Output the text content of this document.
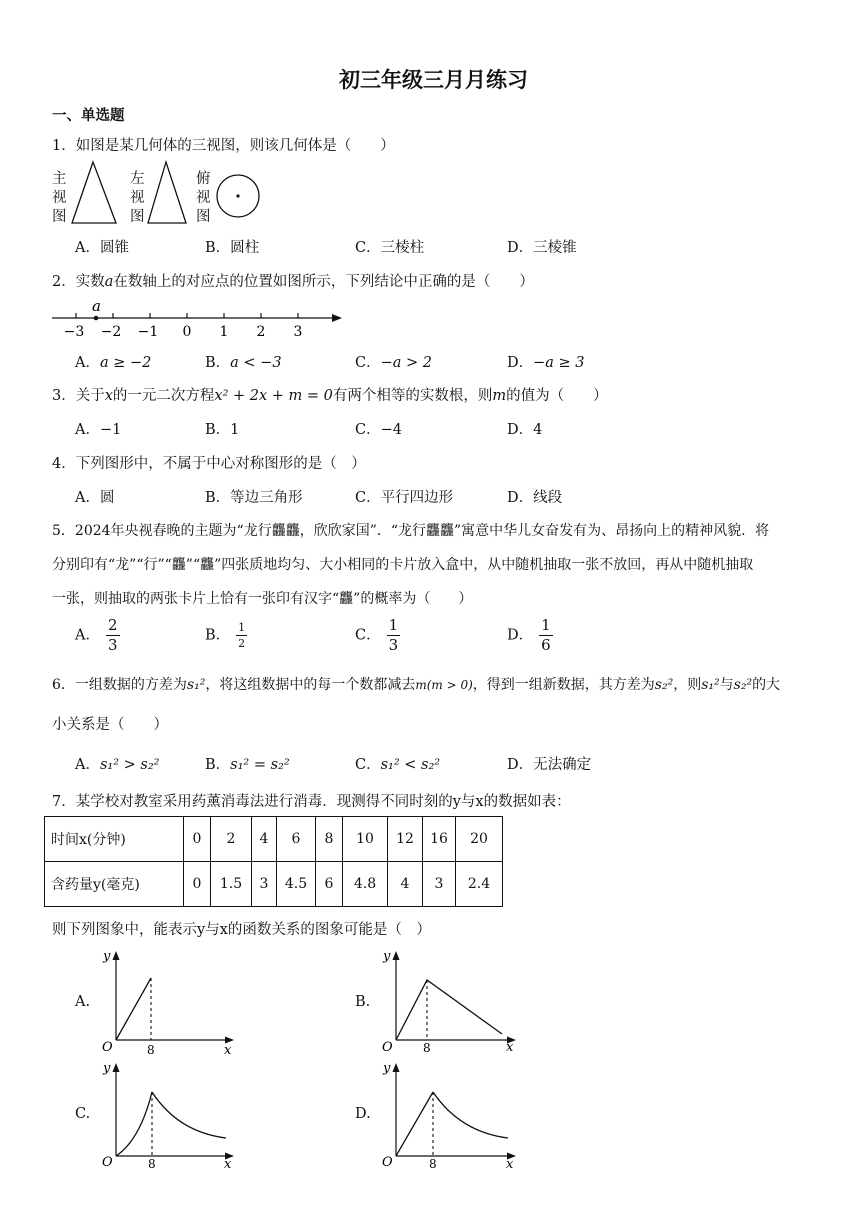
初三年级三月月练习
一、单选题
1．如图是某几何体的三视图，则该几何体是（　　）
主视图
左视图
俯视图
A．圆锥	B．圆柱	C．三棱柱	D．三棱锥
2．实数a在数轴上的对应点的位置如图所示，下列结论中正确的是（　　）
a
−3 −2 −1 0 1 2 3
A．a ≥ −2	B．a < −3	C．−a > 2	D．−a ≥ 3
3．关于x的一元二次方程x² + 2x + m = 0有两个相等的实数根，则m的值为（　　）
A．−1	B．1	C．−4	D．4
4．下列图形中，不属于中心对称图形的是（　）
A．圆	B．等边三角形	C．平行四边形	D．线段
5．2024年央视春晚的主题为“龙行龘龘，欣欣家国”．“龙行龘龘”寓意中华儿女奋发有为、昂扬向上的精神风貌．将
分别印有“龙”“行”“龘”“龘”四张质地均匀、大小相同的卡片放入盒中，从中随机抽取一张不放回，再从中随机抽取
一张，则抽取的两张卡片上恰有一张印有汉字“龘”的概率为（　　）
A． $\frac{2}{3}$	B． $\frac{1}{2}$	C． $\frac{1}{3}$	D． $\frac{1}{6}$
6．一组数据的方差为s₁²，将这组数据中的每一个数都减去m(m > 0)，得到一组新数据，其方差为s₂²，则s₁²与s₂²的大
小关系是（　　）
A．s₁² > s₂²	B．s₁² = s₂²	C．s₁² < s₂²	D．无法确定
7．某学校对教室采用药薰消毒法进行消毒．现测得不同时刻的y与x的数据如表：
时间x(分钟)	0	2	4	6	8	10	12	16	20
含药量y(毫克)	0	1.5	3	4.5	6	4.8	4	3	2.4
则下列图象中，能表示y与x的函数关系的图象可能是（　）
A.
y
x
O	8
B.
y
x
O	8
C.
y
x
O	8
D.
y
x
O	8
